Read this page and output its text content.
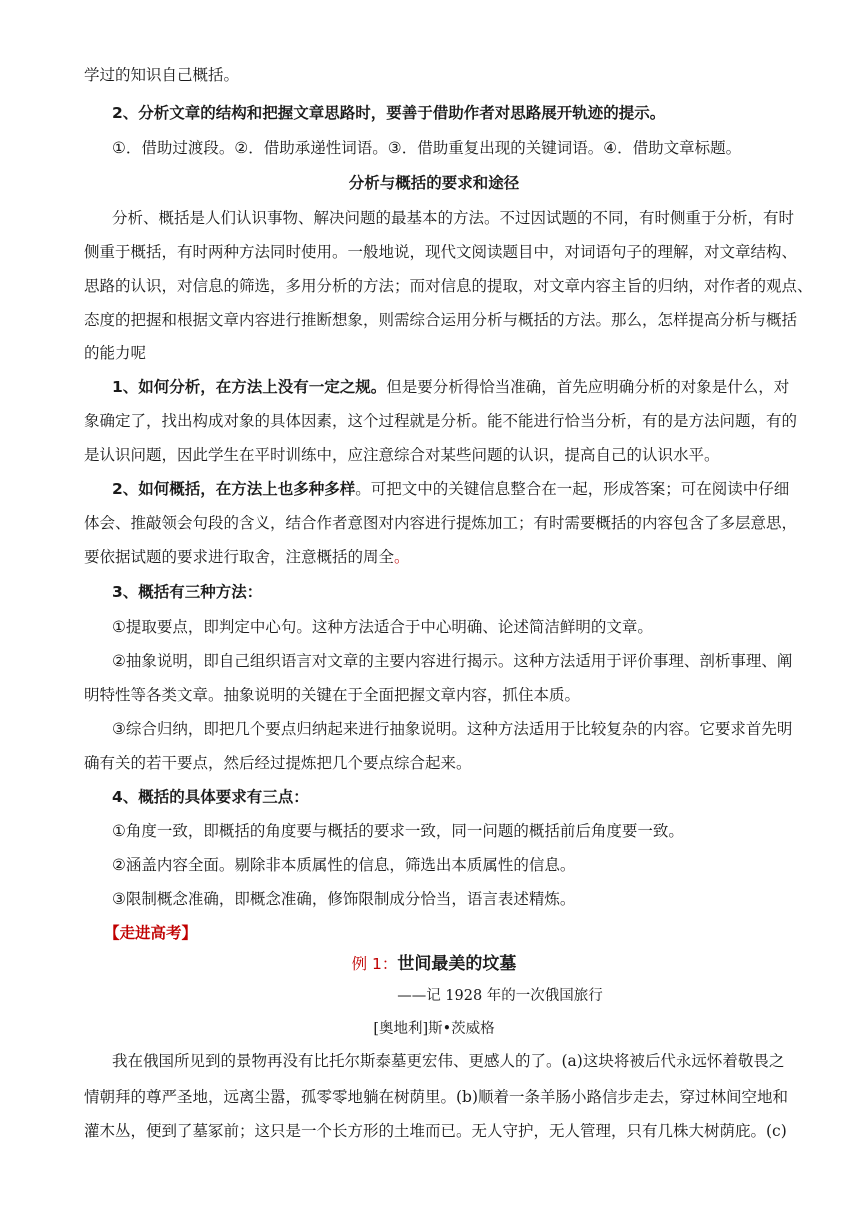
学过的知识自己概括。
2、分析文章的结构和把握文章思路时，要善于借助作者对思路展开轨迹的提示。
①．借助过渡段。②．借助承递性词语。③．借助重复出现的关键词语。④．借助文章标题。
分析与概括的要求和途径
分析、概括是人们认识事物、解决问题的最基本的方法。不过因试题的不同，有时侧重于分析，有时
侧重于概括，有时两种方法同时使用。一般地说，现代文阅读题目中，对词语句子的理解，对文章结构、
思路的认识，对信息的筛选，多用分析的方法；而对信息的提取，对文章内容主旨的归纳，对作者的观点、
态度的把握和根据文章内容进行推断想象，则需综合运用分析与概括的方法。那么，怎样提高分析与概括
的能力呢
1、如何分析，在方法上没有一定之规。但是要分析得恰当准确，首先应明确分析的对象是什么，对
象确定了，找出构成对象的具体因素，这个过程就是分析。能不能进行恰当分析，有的是方法问题，有的
是认识问题，因此学生在平时训练中，应注意综合对某些问题的认识，提高自己的认识水平。
2、如何概括，在方法上也多种多样。可把文中的关键信息整合在一起，形成答案；可在阅读中仔细
体会、推敲领会句段的含义，结合作者意图对内容进行提炼加工；有时需要概括的内容包含了多层意思，
要依据试题的要求进行取舍，注意概括的周全。
3、概括有三种方法：
①提取要点，即判定中心句。这种方法适合于中心明确、论述简洁鲜明的文章。
②抽象说明，即自己组织语言对文章的主要内容进行揭示。这种方法适用于评价事理、剖析事理、阐
明特性等各类文章。抽象说明的关键在于全面把握文章内容，抓住本质。
③综合归纳，即把几个要点归纳起来进行抽象说明。这种方法适用于比较复杂的内容。它要求首先明
确有关的若干要点，然后经过提炼把几个要点综合起来。
4、概括的具体要求有三点：
①角度一致，即概括的角度要与概括的要求一致，同一问题的概括前后角度要一致。
②涵盖内容全面。剔除非本质属性的信息，筛选出本质属性的信息。
③限制概念准确，即概念准确，修饰限制成分恰当，语言表述精炼。
【走进高考】
例 1：世间最美的坟墓
——记 1928 年的一次俄国旅行
[奥地利]斯•茨威格
我在俄国所见到的景物再没有比托尔斯泰墓更宏伟、更感人的了。(a)这块将被后代永远怀着敬畏之
情朝拜的尊严圣地，远离尘嚣，孤零零地躺在树荫里。(b)顺着一条羊肠小路信步走去，穿过林间空地和
灌木丛，便到了墓冢前；这只是一个长方形的土堆而已。无人守护，无人管理，只有几株大树荫庇。(c)
